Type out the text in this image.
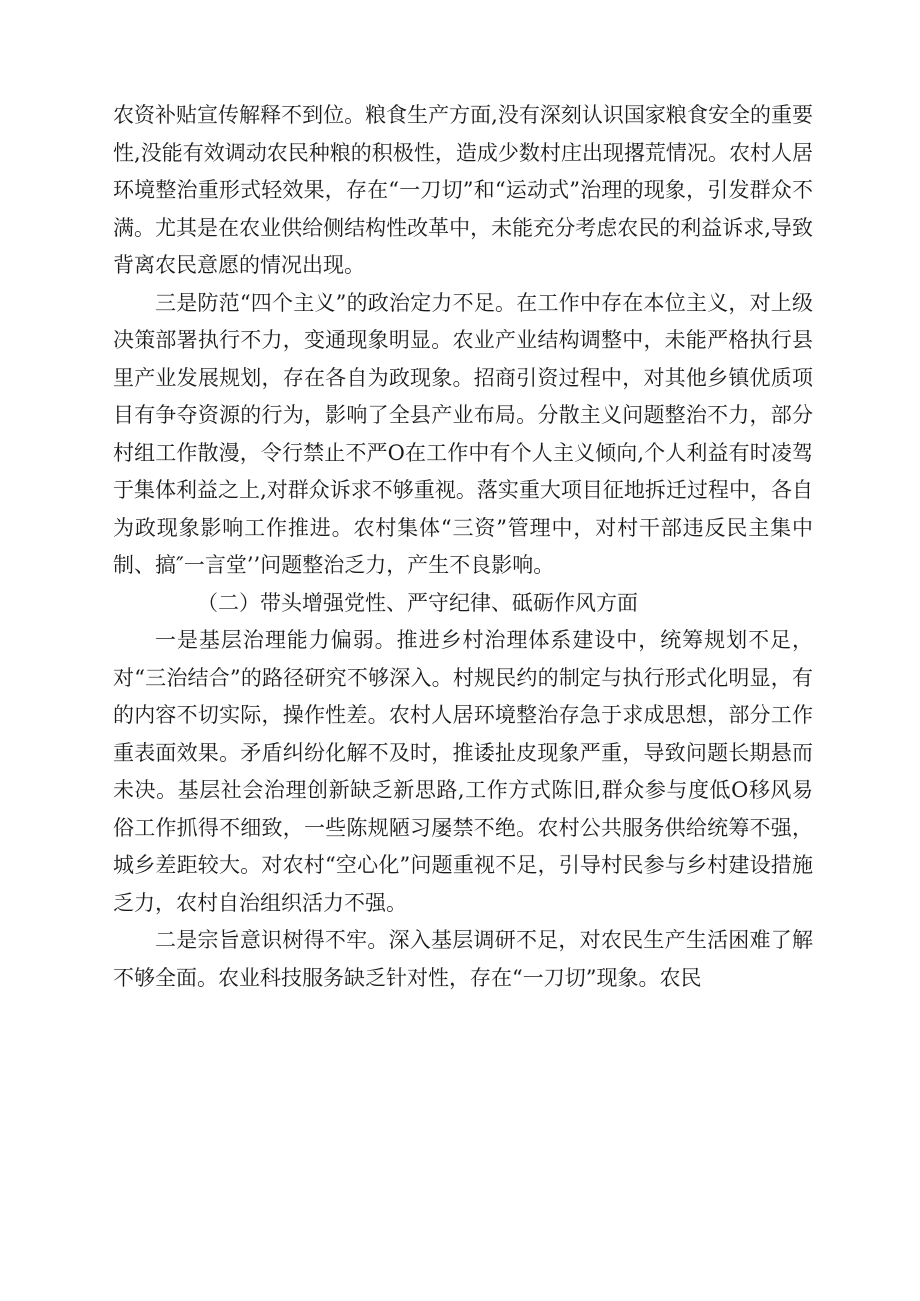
农资补贴宣传解释不到位。粮食生产方面,没有深刻认识国家粮食安全的重要性,没能有效调动农民种粮的积极性，造成少数村庄出现撂荒情况。农村人居环境整治重形式轻效果，存在“一刀切”和“运动式”治理的现象，引发群众不满。尤其是在农业供给侧结构性改革中，未能充分考虑农民的利益诉求,导致背离农民意愿的情况出现。

三是防范“四个主义”的政治定力不足。在工作中存在本位主义，对上级决策部署执行不力，变通现象明显。农业产业结构调整中，未能严格执行县里产业发展规划，存在各自为政现象。招商引资过程中，对其他乡镇优质项目有争夺资源的行为，影响了全县产业布局。分散主义问题整治不力，部分村组工作散漫，令行禁止不严O在工作中有个人主义倾向,个人利益有时凌驾于集体利益之上,对群众诉求不够重视。落实重大项目征地拆迁过程中，各自为政现象影响工作推进。农村集体“三资”管理中，对村干部违反民主集中制、搞″一言堂’’问题整治乏力，产生不良影响。

（二）带头增强党性、严守纪律、砥砺作风方面

一是基层治理能力偏弱。推进乡村治理体系建设中，统筹规划不足，对“三治结合”的路径研究不够深入。村规民约的制定与执行形式化明显，有的内容不切实际，操作性差。农村人居环境整治存急于求成思想，部分工作重表面效果。矛盾纠纷化解不及时，推诿扯皮现象严重，导致问题长期悬而未决。基层社会治理创新缺乏新思路,工作方式陈旧,群众参与度低O移风易俗工作抓得不细致，一些陈规陋习屡禁不绝。农村公共服务供给统筹不强，城乡差距较大。对农村“空心化”问题重视不足，引导村民参与乡村建设措施乏力，农村自治组织活力不强。

二是宗旨意识树得不牢。深入基层调研不足，对农民生产生活困难了解不够全面。农业科技服务缺乏针对性，存在“一刀切”现象。农民
